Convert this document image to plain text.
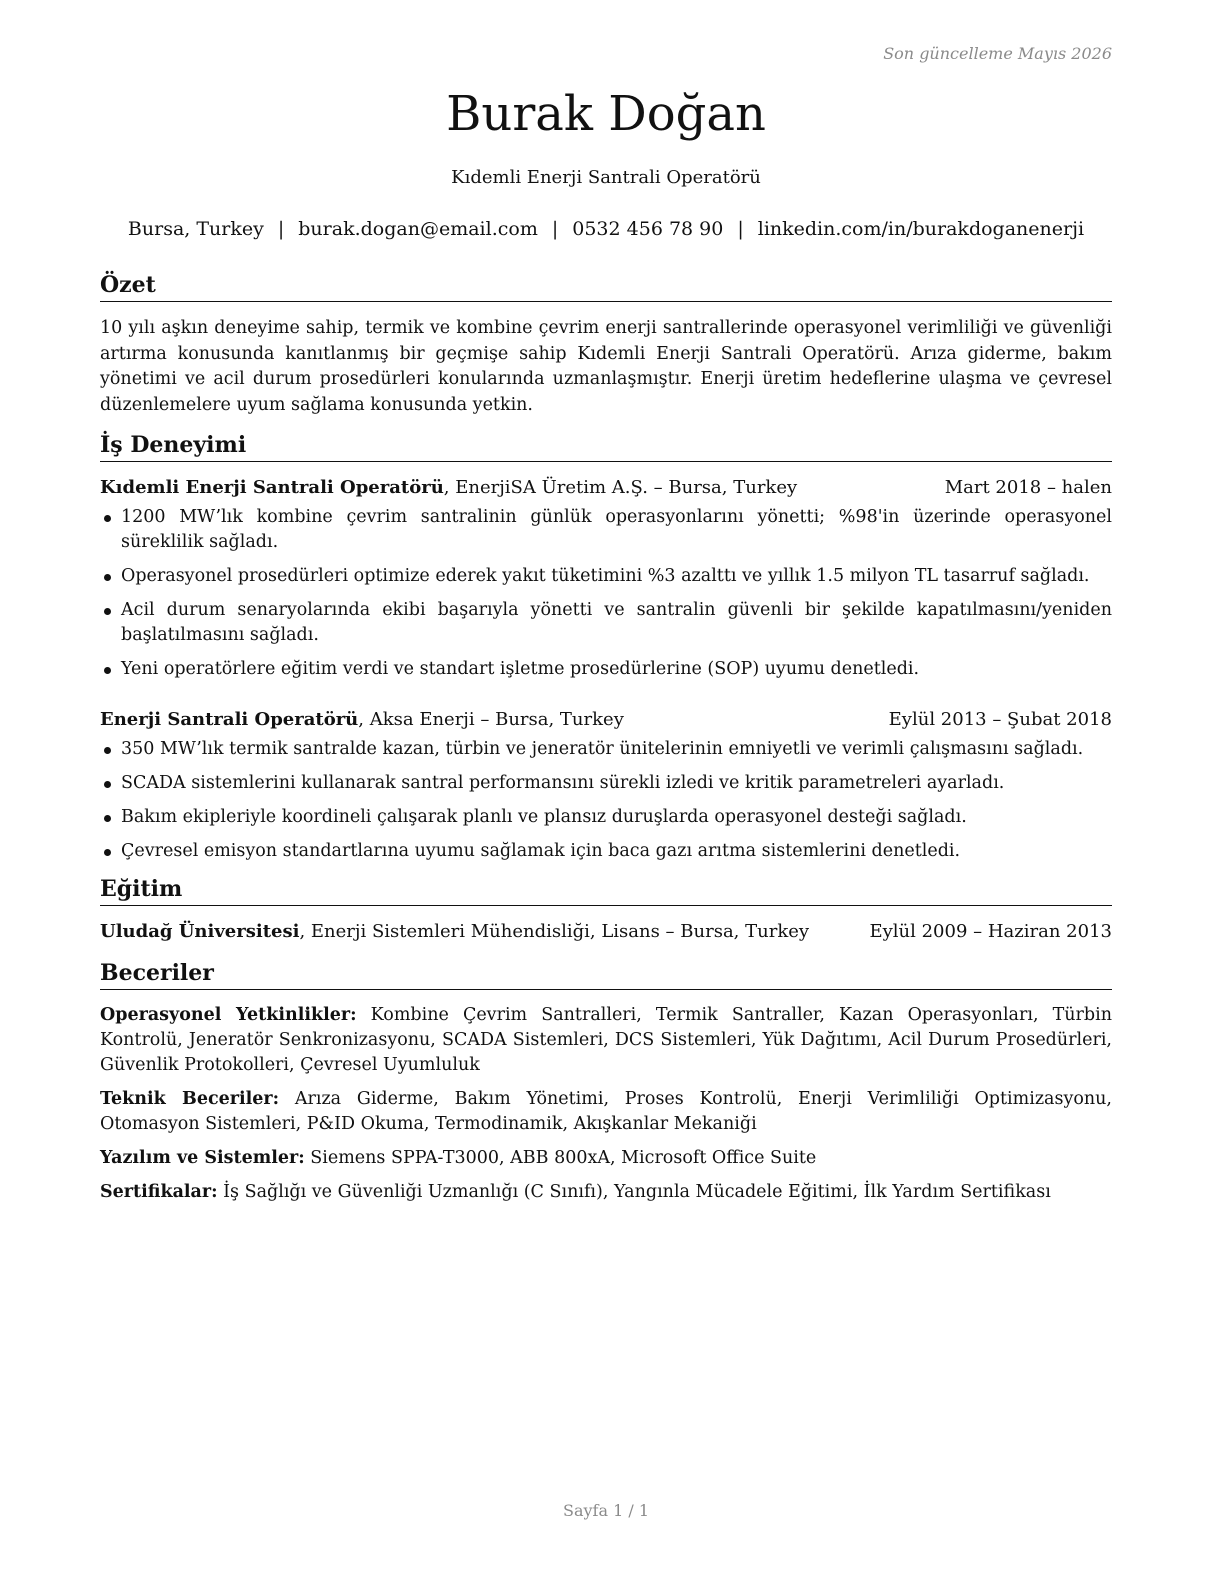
Son güncelleme Mayıs 2026
Burak Doğan
Kıdemli Enerji Santrali Operatörü
Bursa, Turkey | burak.dogan@email.com | 0532 456 78 90 | linkedin.com/in/burakdoganenerji
Özet

10 yılı aşkın deneyime sahip, termik ve kombine çevrim enerji santrallerinde operasyonel verimliliği ve güvenliği artırma konusunda kanıtlanmış bir geçmişe sahip Kıdemli Enerji Santrali Operatörü. Arıza giderme, bakım yönetimi ve acil durum prosedürleri konularında uzmanlaşmıştır. Enerji üretim hedeflerine ulaşma ve çevresel düzenlemelere uyum sağlama konusunda yetkin.

İş Deneyimi
Kıdemli Enerji Santrali Operatörü, EnerjiSA Üretim A.Ş. – Bursa, Turkey	Mart 2018 – halen
1200 MW’lık kombine çevrim santralinin günlük operasyonlarını yönetti; %98'in üzerinde operasyonel süreklilik sağladı.
Operasyonel prosedürleri optimize ederek yakıt tüketimini %3 azalttı ve yıllık 1.5 milyon TL tasarruf sağladı.
Acil durum senaryolarında ekibi başarıyla yönetti ve santralin güvenli bir şekilde kapatılmasını/yeniden başlatılmasını sağladı.
Yeni operatörlere eğitim verdi ve standart işletme prosedürlerine (SOP) uyumu denetledi.
Enerji Santrali Operatörü, Aksa Enerji – Bursa, Turkey	Eylül 2013 – Şubat 2018
350 MW’lık termik santralde kazan, türbin ve jeneratör ünitelerinin emniyetli ve verimli çalışmasını sağladı.
SCADA sistemlerini kullanarak santral performansını sürekli izledi ve kritik parametreleri ayarladı.
Bakım ekipleriyle koordineli çalışarak planlı ve plansız duruşlarda operasyonel desteği sağladı.
Çevresel emisyon standartlarına uyumu sağlamak için baca gazı arıtma sistemlerini denetledi.
Eğitim
Uludağ Üniversitesi, Enerji Sistemleri Mühendisliği, Lisans – Bursa, Turkey	Eylül 2009 – Haziran 2013
Beceriler

Operasyonel Yetkinlikler: Kombine Çevrim Santralleri, Termik Santraller, Kazan Operasyonları, Türbin Kontrolü, Jeneratör Senkronizasyonu, SCADA Sistemleri, DCS Sistemleri, Yük Dağıtımı, Acil Durum Prosedürleri, Güvenlik Protokolleri, Çevresel Uyumluluk

Teknik Beceriler: Arıza Giderme, Bakım Yönetimi, Proses Kontrolü, Enerji Verimliliği Optimizasyonu, Otomasyon Sistemleri, P&ID Okuma, Termodinamik, Akışkanlar Mekaniği

Yazılım ve Sistemler: Siemens SPPA-T3000, ABB 800xA, Microsoft Office Suite

Sertifikalar: İş Sağlığı ve Güvenliği Uzmanlığı (C Sınıfı), Yangınla Mücadele Eğitimi, İlk Yardım Sertifikası

Sayfa 1 / 1
